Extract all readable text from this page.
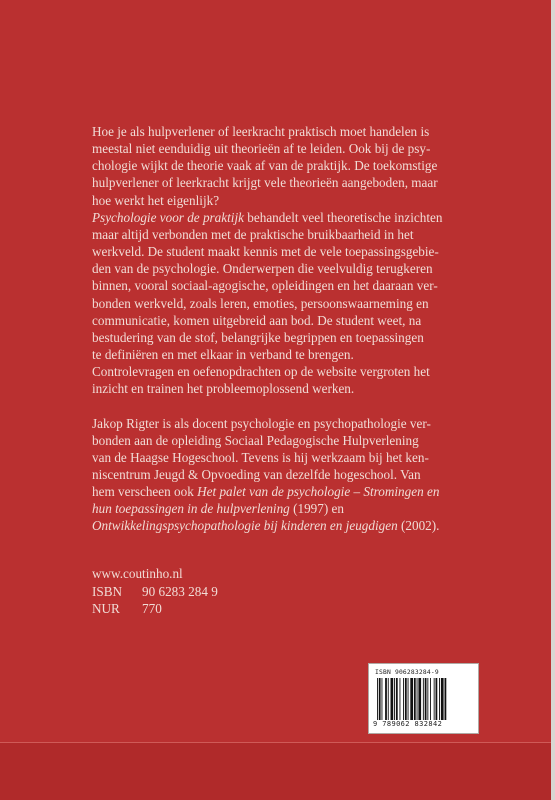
Hoe je als hulpverlener of leerkracht praktisch moet handelen is
meestal niet eenduidig uit theorieën af te leiden. Ook bij de psy-
chologie wijkt de theorie vaak af van de praktijk. De toekomstige
hulpverlener of leerkracht krijgt vele theorieën aangeboden, maar
hoe werkt het eigenlijk?
Psychologie voor de praktijk behandelt veel theoretische inzichten
maar altijd verbonden met de praktische bruikbaarheid in het
werkveld. De student maakt kennis met de vele toepassingsgebie-
den van de psychologie. Onderwerpen die veelvuldig terugkeren
binnen, vooral sociaal-agogische, opleidingen en het daaraan ver-
bonden werkveld, zoals leren, emoties, persoonswaarneming en
communicatie, komen uitgebreid aan bod. De student weet, na
bestudering van de stof, belangrijke begrippen en toepassingen
te definiëren en met elkaar in verband te brengen.
Controlevragen en oefenopdrachten op de website vergroten het
inzicht en trainen het probleemoplossend werken.
Jakop Rigter is als docent psychologie en psychopathologie ver-
bonden aan de opleiding Sociaal Pedagogische Hulpverlening
van de Haagse Hogeschool. Tevens is hij werkzaam bij het ken-
niscentrum Jeugd & Opvoeding van dezelfde hogeschool. Van
hem verscheen ook Het palet van de psychologie – Stromingen en
hun toepassingen in de hulpverlening (1997) en
Ontwikkelingspsychopathologie bij kinderen en jeugdigen (2002).
www.coutinho.nl
ISBN	90 6283 284 9
NUR	770
ISBN 906283284-9
9 789062 832842
